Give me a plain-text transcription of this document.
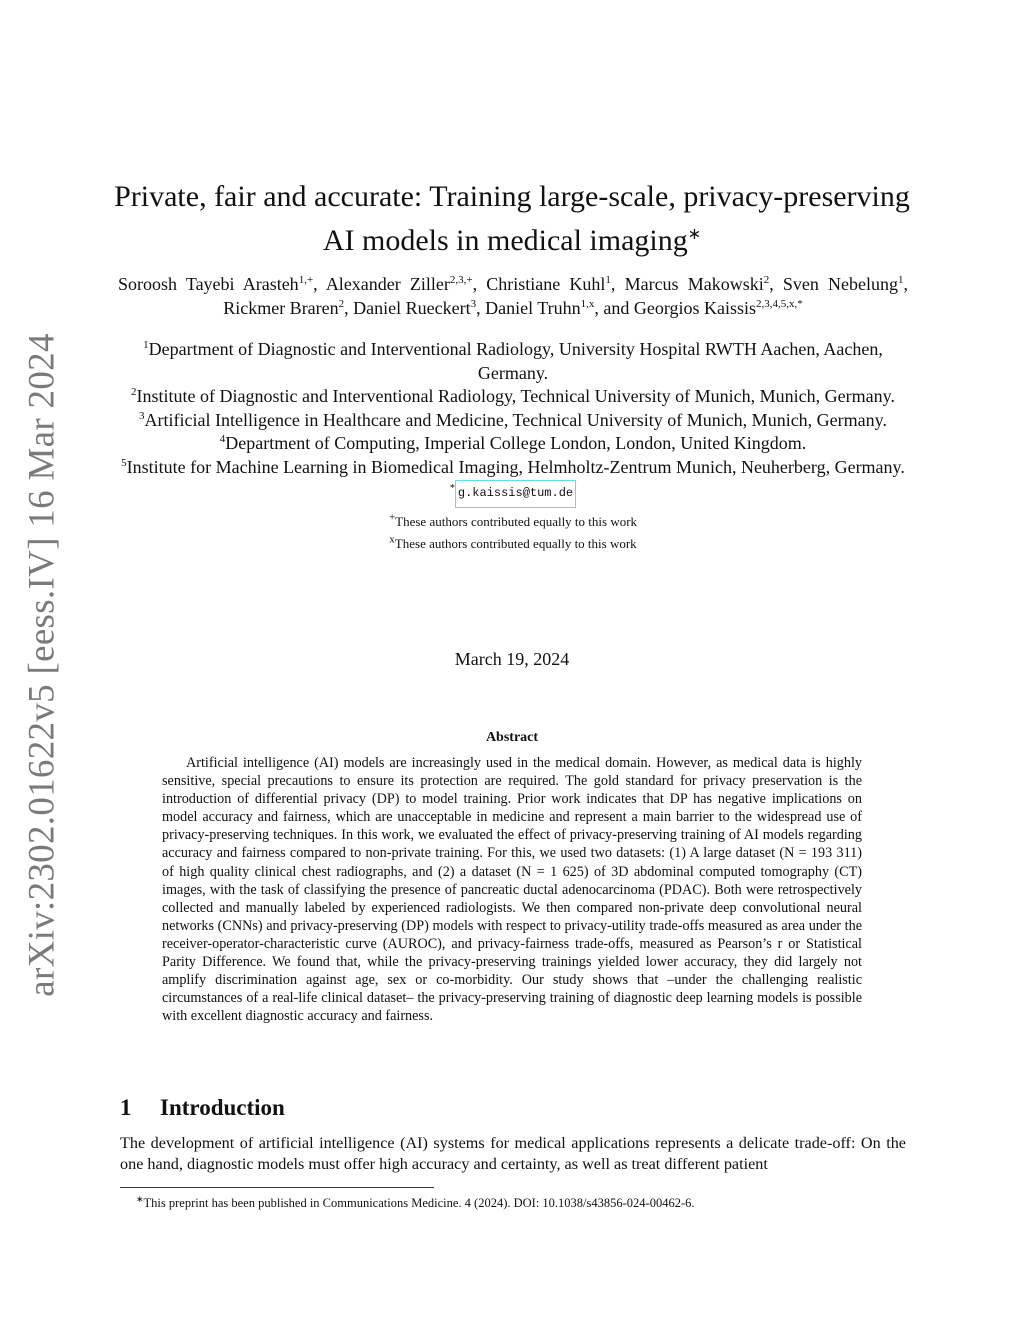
arXiv:2302.01622v5 [eess.IV] 16 Mar 2024
Private, fair and accurate: Training large-scale, privacy-preserving AI models in medical imaging∗
Soroosh Tayebi Arasteh$^{1,+}$, Alexander Ziller$^{2,3,+}$, Christiane Kuhl$^1$, Marcus Makowski$^2$, Sven Nebelung$^1$, Rickmer Braren$^2$, Daniel Rueckert$^3$, Daniel Truhn$^{1,x}$, and Georgios Kaissis$^{2,3,4,5,x,*}$

$^1$Department of Diagnostic and Interventional Radiology, University Hospital RWTH Aachen, Aachen, Germany.

$^2$Institute of Diagnostic and Interventional Radiology, Technical University of Munich, Munich, Germany.

$^3$Artificial Intelligence in Healthcare and Medicine, Technical University of Munich, Munich, Germany.

$^4$Department of Computing, Imperial College London, London, United Kingdom.

$^5$Institute for Machine Learning in Biomedical Imaging, Helmholtz-Zentrum Munich, Neuherberg, Germany.

* g.kaissis@tum.de
+These authors contributed equally to this work
$^x$These authors contributed equally to this work
March 19, 2024
Abstract

Artificial intelligence (AI) models are increasingly used in the medical domain. However, as medical data is highly sensitive, special precautions to ensure its protection are required. The gold standard for privacy preservation is the introduction of differential privacy (DP) to model training. Prior work indicates that DP has negative implications on model accuracy and fairness, which are unacceptable in medicine and represent a main barrier to the widespread use of privacy-preserving techniques. In this work, we evaluated the effect of privacy-preserving training of AI models regarding accuracy and fairness compared to non-private training. For this, we used two datasets: (1) A large dataset (N = 193 311) of high quality clinical chest radiographs, and (2) a dataset (N = 1 625) of 3D abdominal computed tomography (CT) images, with the task of classifying the presence of pancreatic ductal adenocarcinoma (PDAC). Both were retrospectively collected and manually labeled by experienced radiologists. We then compared non-private deep convolutional neural networks (CNNs) and privacy-preserving (DP) models with respect to privacy-utility trade-offs measured as area under the receiver-operator-characteristic curve (AUROC), and privacy-fairness trade-offs, measured as Pearson’s r or Statistical Parity Difference. We found that, while the privacy-preserving trainings yielded lower accuracy, they did largely not amplify discrimination against age, sex or co-morbidity. Our study shows that –under the challenging realistic circumstances of a real-life clinical dataset– the privacy-preserving training of diagnostic deep learning models is possible with excellent diagnostic accuracy and fairness.

1 Introduction

The development of artificial intelligence (AI) systems for medical applications represents a delicate trade-off: On the one hand, diagnostic models must offer high accuracy and certainty, as well as treat different patient

∗This preprint has been published in Communications Medicine. 4 (2024). DOI: 10.1038/s43856-024-00462-6.
